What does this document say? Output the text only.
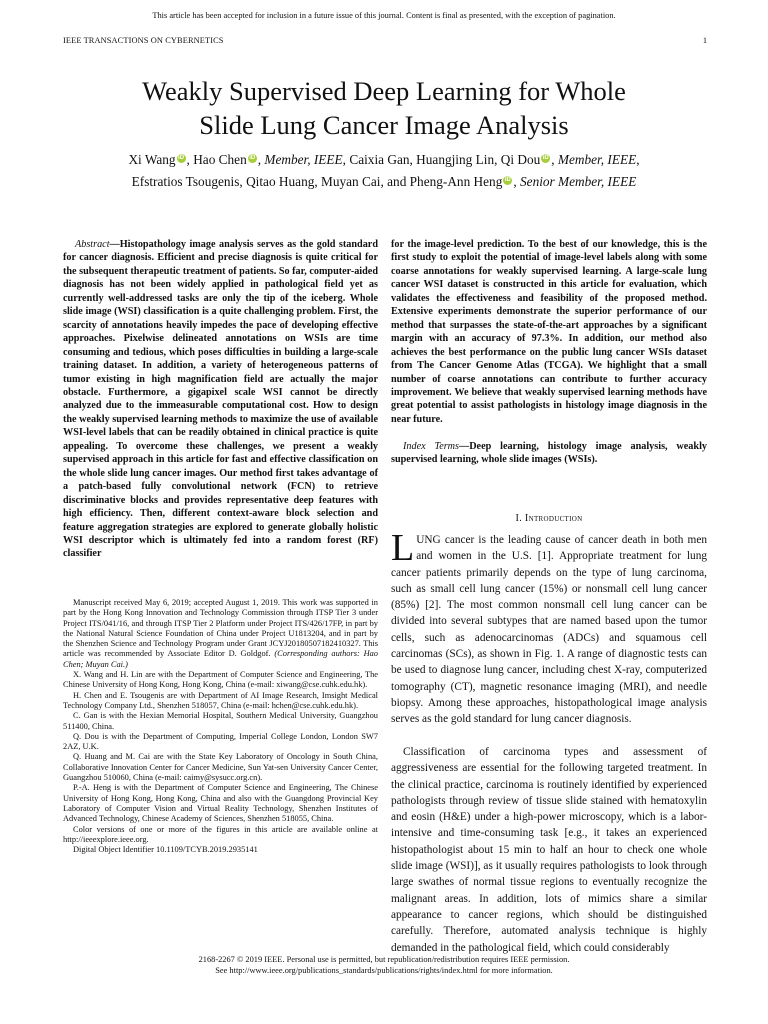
This article has been accepted for inclusion in a future issue of this journal. Content is final as presented, with the exception of pagination.
IEEE TRANSACTIONS ON CYBERNETICS	1
Weakly Supervised Deep Learning for Whole
Slide Lung Cancer Image Analysis
Xi Wang iD , Hao Chen iD , Member, IEEE, Caixia Gan, Huangjing Lin, Qi Dou iD , Member, IEEE,
Efstratios Tsougenis, Qitao Huang, Muyan Cai, and Pheng-Ann Heng iD , Senior Member, IEEE
Abstract—Histopathology image analysis serves as the gold standard for cancer diagnosis. Efficient and precise diagnosis is quite critical for the subsequent therapeutic treatment of patients. So far, computer-aided diagnosis has not been widely applied in pathological field yet as currently well-addressed tasks are only the tip of the iceberg. Whole slide image (WSI) classification is a quite challenging problem. First, the scarcity of annotations heavily impedes the pace of developing effective approaches. Pixelwise delineated annotations on WSIs are time consuming and tedious, which poses difficulties in building a large-scale training dataset. In addition, a variety of heterogeneous patterns of tumor existing in high magnification field are actually the major obstacle. Furthermore, a gigapixel scale WSI cannot be directly analyzed due to the immeasurable computational cost. How to design the weakly supervised learning methods to maximize the use of available WSI-level labels that can be readily obtained in clinical practice is quite appealing. To overcome these challenges, we present a weakly supervised approach in this article for fast and effective classification on the whole slide lung cancer images. Our method first takes advantage of a patch-based fully convolutional network (FCN) to retrieve discriminative blocks and provides representative deep features with high efficiency. Then, different context-aware block selection and feature aggregation strategies are explored to generate globally holistic WSI descriptor which is ultimately fed into a random forest (RF) classifier
for the image-level prediction. To the best of our knowledge, this is the first study to exploit the potential of image-level labels along with some coarse annotations for weakly supervised learning. A large-scale lung cancer WSI dataset is constructed in this article for evaluation, which validates the effectiveness and feasibility of the proposed method. Extensive experiments demonstrate the superior performance of our method that surpasses the state-of-the-art approaches by a significant margin with an accuracy of 97.3%. In addition, our method also achieves the best performance on the public lung cancer WSIs dataset from The Cancer Genome Atlas (TCGA). We highlight that a small number of coarse annotations can contribute to further accuracy improvement. We believe that weakly supervised learning methods have great potential to assist pathologists in histology image diagnosis in the near future.
Index Terms—Deep learning, histology image analysis, weakly supervised learning, whole slide images (WSIs).
I. Introduction
LUNG cancer is the leading cause of cancer death in both men and women in the U.S. [1]. Appropriate treatment for lung cancer patients primarily depends on the type of lung carcinoma, such as small cell lung cancer (15%) or nonsmall cell lung cancer (85%) [2]. The most common nonsmall cell lung cancer can be divided into several subtypes that are named based upon the tumor cells, such as adenocarcinomas (ADCs) and squamous cell carcinomas (SCs), as shown in Fig. 1. A range of diagnostic tests can be used to diagnose lung cancer, including chest X-ray, computerized tomography (CT), magnetic resonance imaging (MRI), and needle biopsy. Among these approaches, histopathological image analysis serves as the gold standard for lung cancer diagnosis.
Classification of carcinoma types and assessment of aggressiveness are essential for the following targeted treatment. In the clinical practice, carcinoma is routinely identified by experienced pathologists through review of tissue slide stained with hematoxylin and eosin (H&E) under a high-power microscopy, which is a labor-intensive and time-consuming task [e.g., it takes an experienced histopathologist about 15 min to half an hour to check one whole slide image (WSI)], as it usually requires pathologists to look through large swathes of normal tissue regions to eventually recognize the malignant areas. In addition, lots of mimics share a similar appearance to cancer regions, which should be distinguished carefully. Therefore, automated analysis technique is highly demanded in the pathological field, which could considerably

Manuscript received May 6, 2019; accepted August 1, 2019. This work was supported in part by the Hong Kong Innovation and Technology Commission through ITSP Tier 3 under Project ITS/041/16, and through ITSP Tier 2 Platform under Project ITS/426/17FP, in part by the National Natural Science Foundation of China under Project U1813204, and in part by the Shenzhen Science and Technology Program under Grant JCYJ20180507182410327. This article was recommended by Associate Editor D. Goldgof. (Corresponding authors: Hao Chen; Muyan Cai.)

X. Wang and H. Lin are with the Department of Computer Science and Engineering, The Chinese University of Hong Kong, Hong Kong, China (e-mail: xiwang@cse.cuhk.edu.hk).

H. Chen and E. Tsougenis are with Department of AI Image Research, Imsight Medical Technology Company Ltd., Shenzhen 518057, China (e-mail: hchen@cse.cuhk.edu.hk).

C. Gan is with the Hexian Memorial Hospital, Southern Medical University, Guangzhou 511400, China.

Q. Dou is with the Department of Computing, Imperial College London, London SW7 2AZ, U.K.

Q. Huang and M. Cai are with the State Key Laboratory of Oncology in South China, Collaborative Innovation Center for Cancer Medicine, Sun Yat-sen University Cancer Center, Guangzhou 510060, China (e-mail: caimy@sysucc.org.cn).

P.-A. Heng is with the Department of Computer Science and Engineering, The Chinese University of Hong Kong, Hong Kong, China and also with the Guangdong Provincial Key Laboratory of Computer Vision and Virtual Reality Technology, Shenzhen Institutes of Advanced Technology, Chinese Academy of Sciences, Shenzhen 518055, China.

Color versions of one or more of the figures in this article are available online at http://ieeexplore.ieee.org.

Digital Object Identifier 10.1109/TCYB.2019.2935141

2168-2267 © 2019 IEEE. Personal use is permitted, but republication/redistribution requires IEEE permission.
See http://www.ieee.org/publications_standards/publications/rights/index.html for more information.
